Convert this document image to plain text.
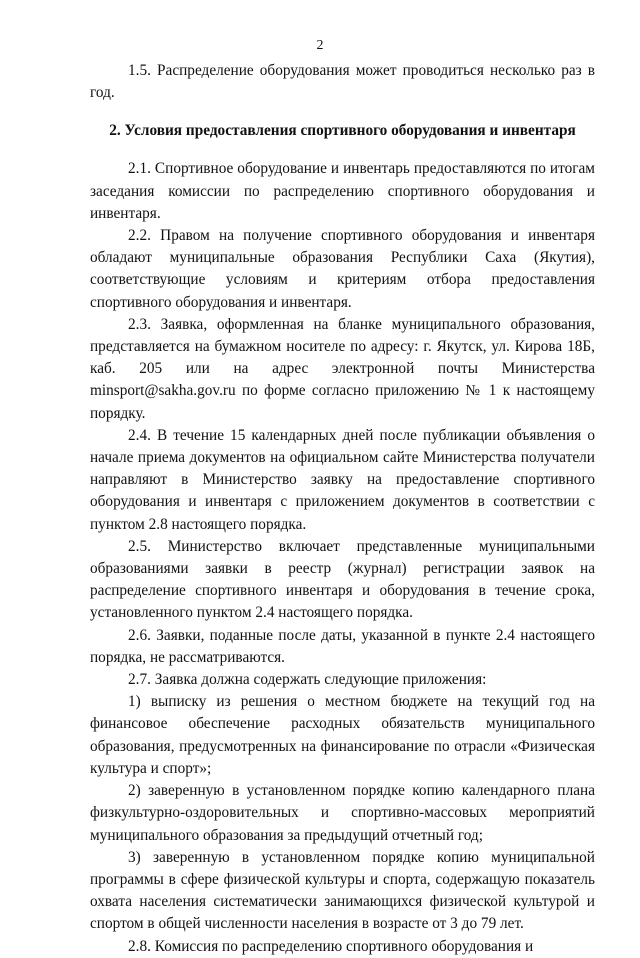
2

1.5. Распределение оборудования может проводиться несколько раз в год.

2. Условия предоставления спортивного оборудования и инвентаря

2.1. Спортивное оборудование и инвентарь предоставляются по итогам заседания комиссии по распределению спортивного оборудования и инвентаря.

2.2. Правом на получение спортивного оборудования и инвентаря обладают муниципальные образования Республики Саха (Якутия), соответствующие условиям и критериям отбора предоставления спортивного оборудования и инвентаря.

2.3. Заявка, оформленная на бланке муниципального образования, представляется на бумажном носителе по адресу: г. Якутск, ул. Кирова 18Б, каб. 205 или на адрес электронной почты Министерства minsport@sakha.gov.ru по форме согласно приложению № 1 к настоящему порядку.

2.4. В течение 15 календарных дней после публикации объявления о начале приема документов на официальном сайте Министерства получатели направляют в Министерство заявку на предоставление спортивного оборудования и инвентаря с приложением документов в соответствии с пунктом 2.8 настоящего порядка.

2.5. Министерство включает представленные муниципальными образованиями заявки в реестр (журнал) регистрации заявок на распределение спортивного инвентаря и оборудования в течение срока, установленного пунктом 2.4 настоящего порядка.

2.6. Заявки, поданные после даты, указанной в пункте 2.4 настоящего порядка, не рассматриваются.

2.7. Заявка должна содержать следующие приложения:

1) выписку из решения о местном бюджете на текущий год на финансовое обеспечение расходных обязательств муниципального образования, предусмотренных на финансирование по отрасли «Физическая культура и спорт»;

2) заверенную в установленном порядке копию календарного плана физкультурно-оздоровительных и спортивно-массовых мероприятий муниципального образования за предыдущий отчетный год;

3) заверенную в установленном порядке копию муниципальной программы в сфере физической культуры и спорта, содержащую показатель охвата населения систематически занимающихся физической культурой и спортом в общей численности населения в возрасте от 3 до 79 лет.

2.8. Комиссия по распределению спортивного оборудования и
